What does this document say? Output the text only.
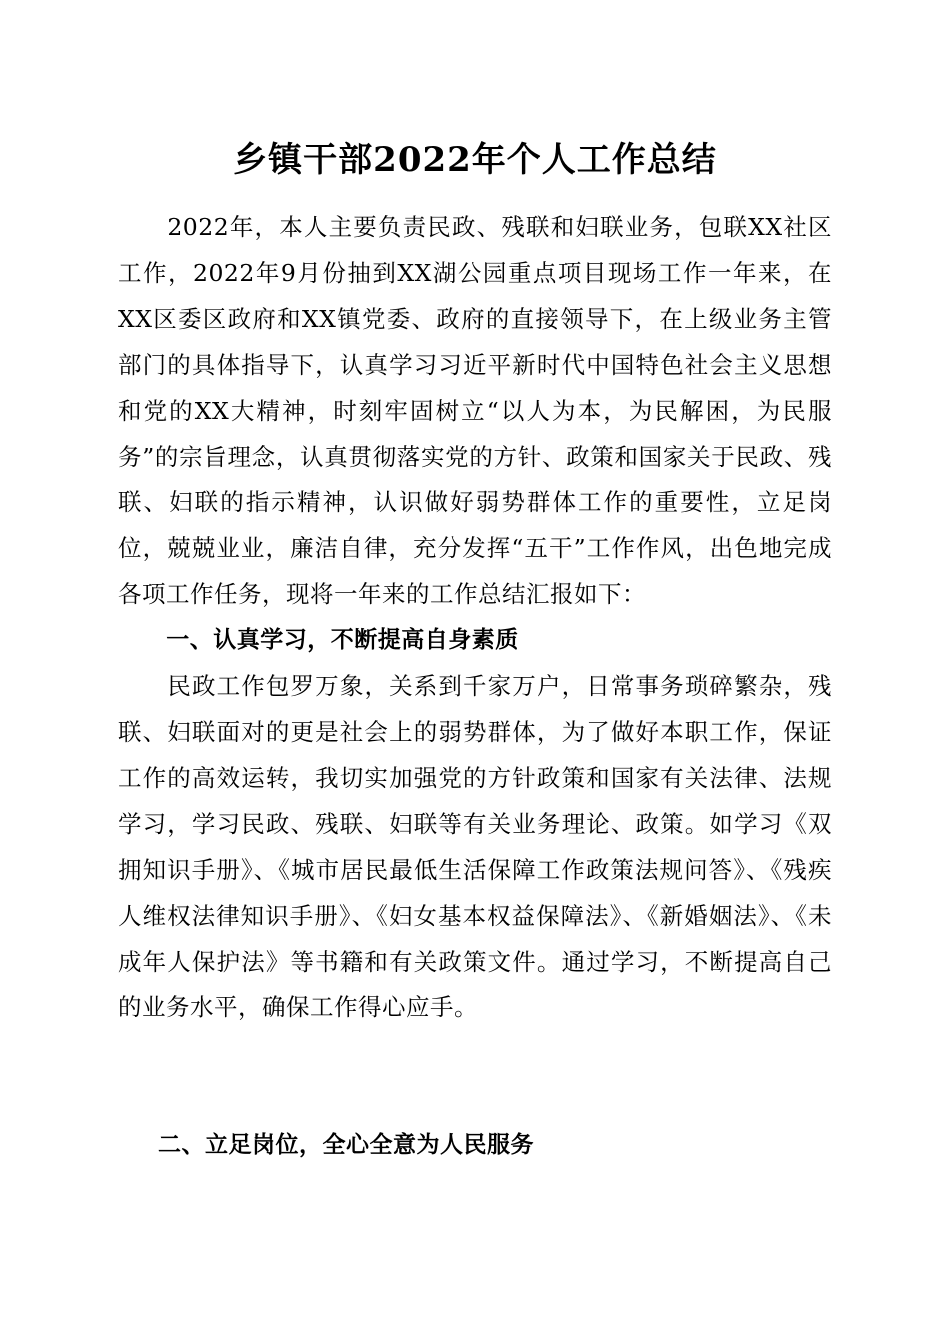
乡镇干部2022年个人工作总结

2022年，本人主要负责民政、残联和妇联业务，包联XX社区工作，2022年9月份抽到XX湖公园重点项目现场工作一年来，在XX区委区政府和XX镇党委、政府的直接领导下，在上级业务主管部门的具体指导下，认真学习习近平新时代中国特色社会主义思想和党的XX大精神，时刻牢固树立“以人为本，为民解困，为民服务”的宗旨理念，认真贯彻落实党的方针、政策和国家关于民政、残联、妇联的指示精神，认识做好弱势群体工作的重要性，立足岗位，兢兢业业，廉洁自律，充分发挥“五干”工作作风，出色地完成各项工作任务，现将一年来的工作总结汇报如下：

一、认真学习，不断提高自身素质

民政工作包罗万象，关系到千家万户，日常事务琐碎繁杂，残联、妇联面对的更是社会上的弱势群体，为了做好本职工作，保证工作的高效运转，我切实加强党的方针政策和国家有关法律、法规学习，学习民政、残联、妇联等有关业务理论、政策。如学习《双拥知识手册》、《城市居民最低生活保障工作政策法规问答》、《残疾人维权法律知识手册》、《妇女基本权益保障法》、《新婚姻法》、《未成年人保护法》等书籍和有关政策文件。通过学习，不断提高自己的业务水平，确保工作得心应手。

二、立足岗位，全心全意为人民服务
